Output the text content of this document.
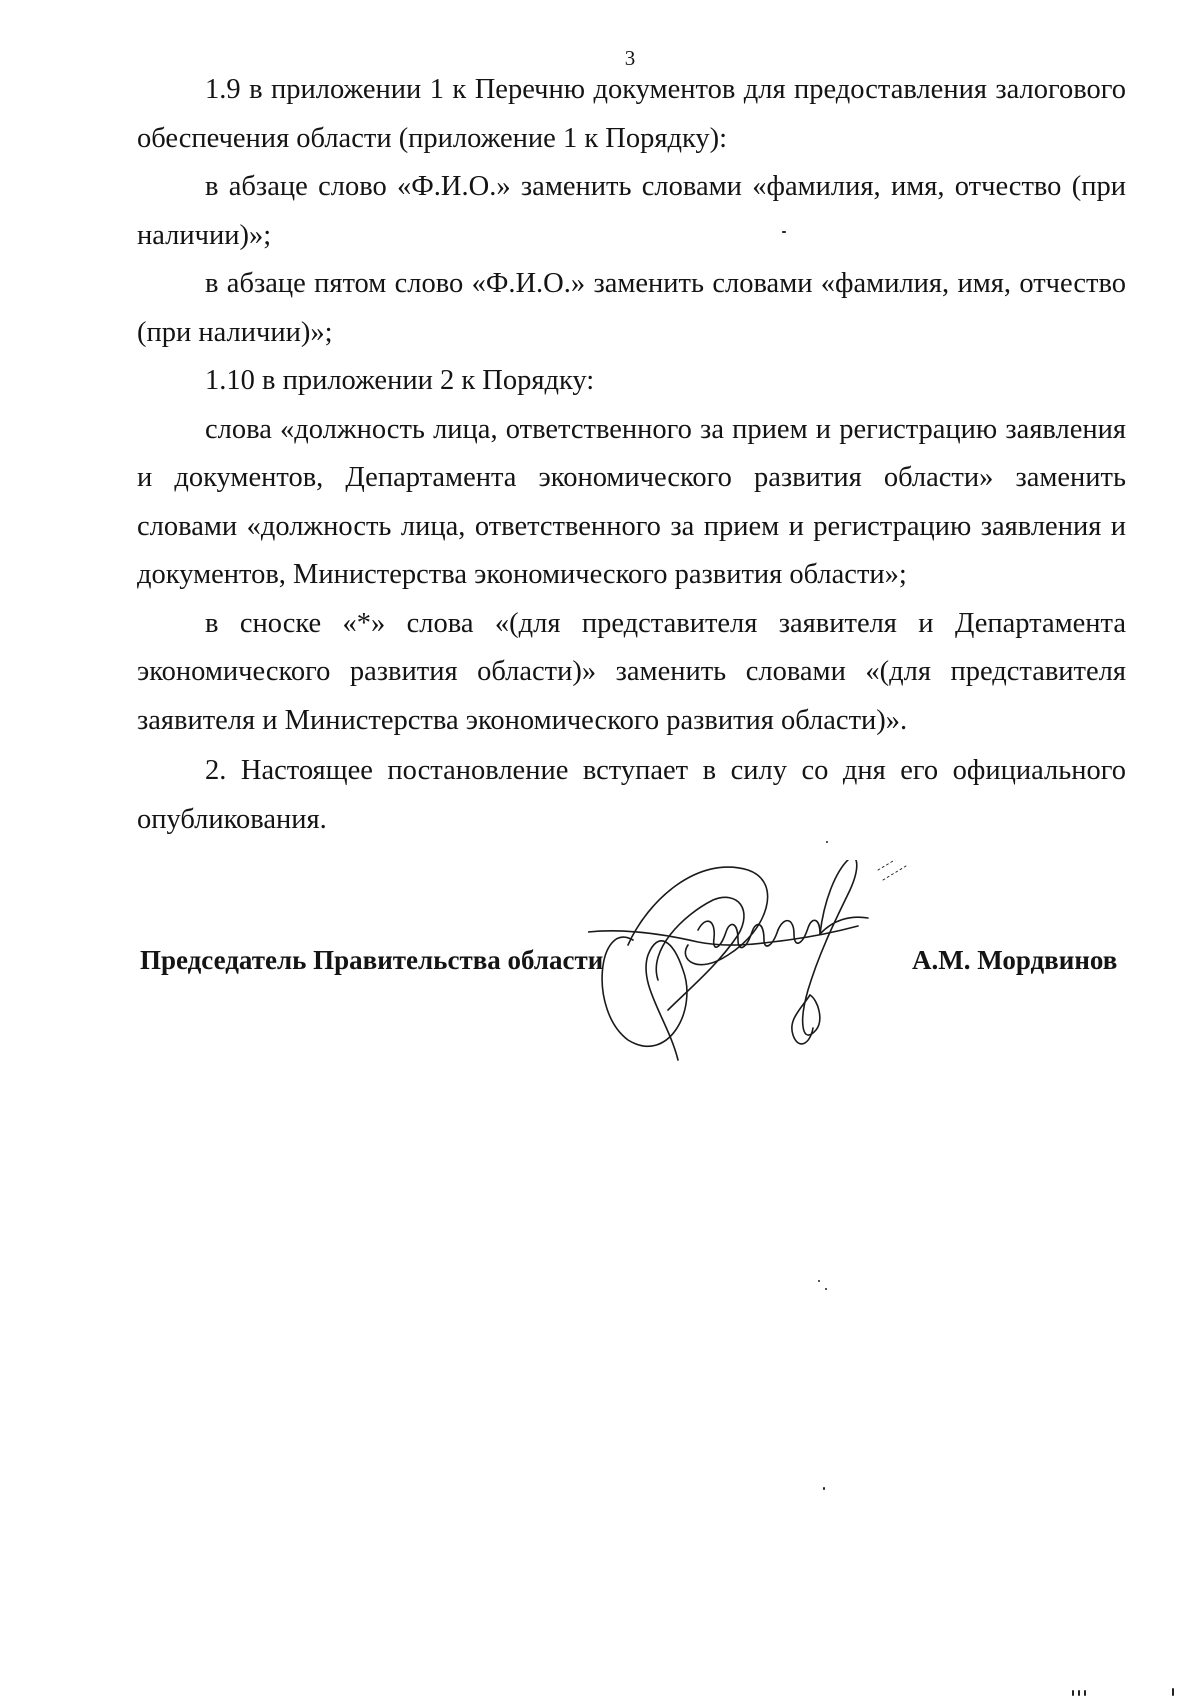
3

1.9 в приложении 1 к Перечню документов для предоставления залогового обеспечения области (приложение 1 к Порядку):

в абзаце слово «Ф.И.О.» заменить словами «фамилия, имя, отчество (при наличии)»;

в абзаце пятом слово «Ф.И.О.» заменить словами «фамилия, имя, отчество (при наличии)»;

1.10 в приложении 2 к Порядку:

слова «должность лица, ответственного за прием и регистрацию заявления и документов, Департамента экономического развития области» заменить словами «должность лица, ответственного за прием и регистрацию заявления и документов, Министерства экономического развития области»;

в сноске «*» слова «(для представителя заявителя и Департамента экономического развития области)» заменить словами «(для представителя заявителя и Министерства экономического развития области)».

2. Настоящее постановление вступает в силу со дня его официального опубликования.

Председатель Правительства области	А.М. Мордвинов
